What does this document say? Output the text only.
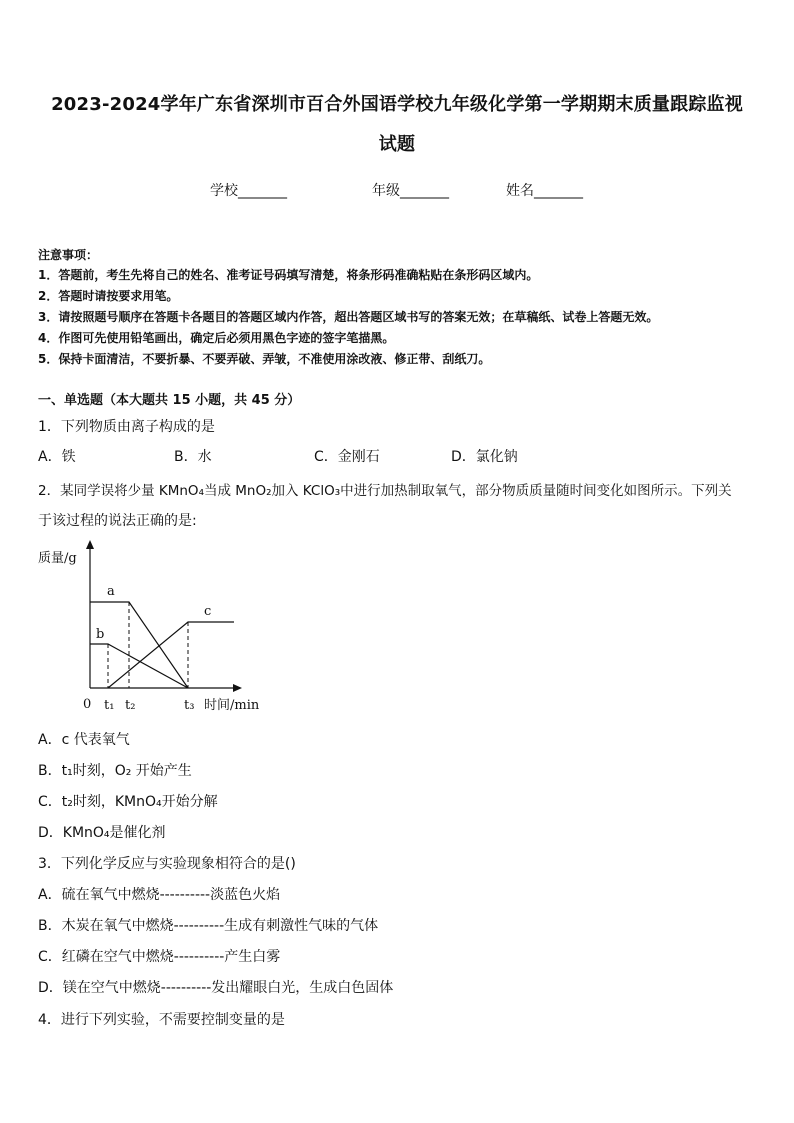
2023-2024学年广东省深圳市百合外国语学校九年级化学第一学期期末质量跟踪监视
试题
学校_______	年级_______	姓名_______
注意事项：
1．答题前，考生先将自己的姓名、准考证号码填写清楚，将条形码准确粘贴在条形码区域内。
2．答题时请按要求用笔。
3．请按照题号顺序在答题卡各题目的答题区域内作答，超出答题区域书写的答案无效；在草稿纸、试卷上答题无效。
4．作图可先使用铅笔画出，确定后必须用黑色字迹的签字笔描黑。
5．保持卡面清洁，不要折暴、不要弄破、弄皱，不准使用涂改液、修正带、刮纸刀。
一、单选题（本大题共 15 小题，共 45 分）
1．下列物质由离子构成的是
A．铁	B．水	C．金刚石	D．氯化钠
2．某同学误将少量 KMnO₄当成 MnO₂加入 KClO₃中进行加热制取氧气，部分物质质量随时间变化如图所示。下列关
于该过程的说法正确的是:
质量/g
时间/min
a
b
c
0 t₁ t₂	t₃
A．c 代表氧气
B．t₁时刻，O₂ 开始产生
C．t₂时刻，KMnO₄开始分解
D．KMnO₄是催化剂
3．下列化学反应与实验现象相符合的是()
A．硫在氧气中燃烧----------淡蓝色火焰
B．木炭在氧气中燃烧----------生成有刺激性气味的气体
C．红磷在空气中燃烧----------产生白雾
D．镁在空气中燃烧----------发出耀眼白光，生成白色固体
4．进行下列实验，不需要控制变量的是
